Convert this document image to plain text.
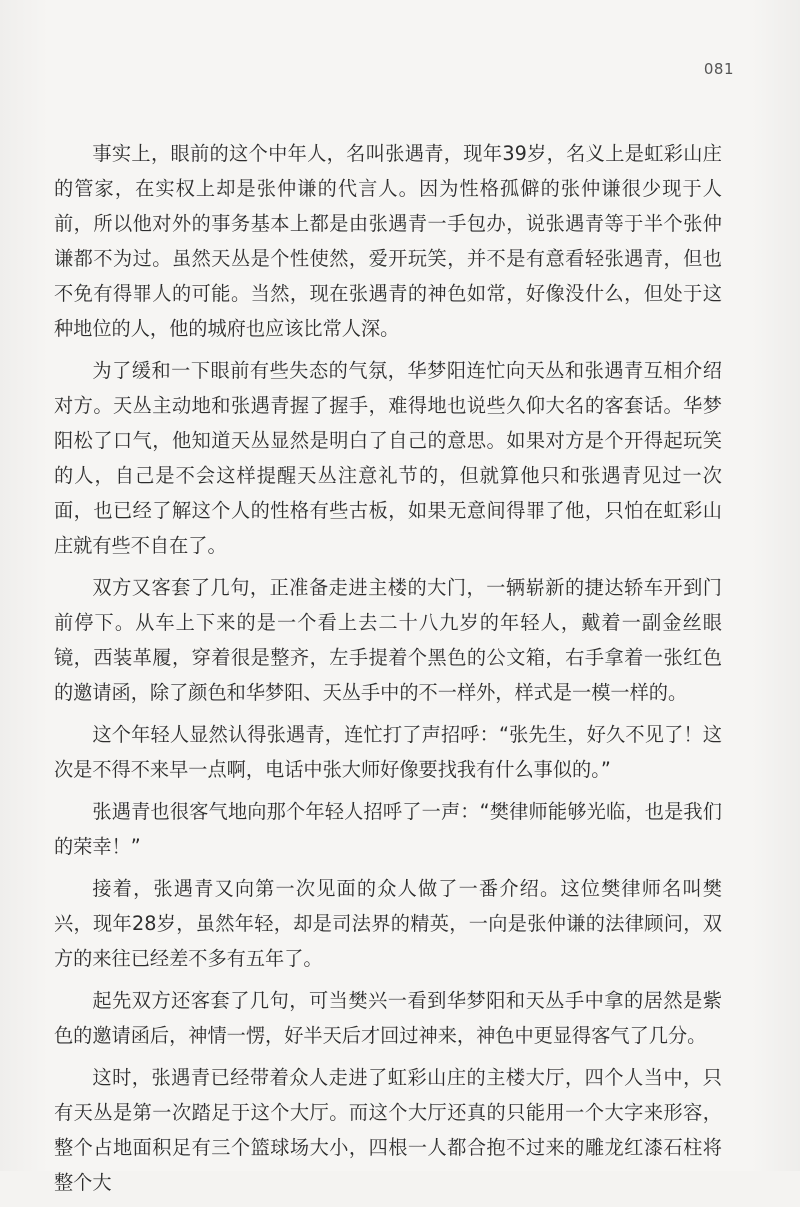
081

事实上，眼前的这个中年人，名叫张遇青，现年39岁，名义上是虹彩山庄的管家，在实权上却是张仲谦的代言人。因为性格孤僻的张仲谦很少现于人前，所以他对外的事务基本上都是由张遇青一手包办，说张遇青等于半个张仲谦都不为过。虽然天丛是个性使然，爱开玩笑，并不是有意看轻张遇青，但也不免有得罪人的可能。当然，现在张遇青的神色如常，好像没什么，但处于这种地位的人，他的城府也应该比常人深。

为了缓和一下眼前有些失态的气氛，华梦阳连忙向天丛和张遇青互相介绍对方。天丛主动地和张遇青握了握手，难得地也说些久仰大名的客套话。华梦阳松了口气，他知道天丛显然是明白了自己的意思。如果对方是个开得起玩笑的人，自己是不会这样提醒天丛注意礼节的，但就算他只和张遇青见过一次面，也已经了解这个人的性格有些古板，如果无意间得罪了他，只怕在虹彩山庄就有些不自在了。

双方又客套了几句，正准备走进主楼的大门，一辆崭新的捷达轿车开到门前停下。从车上下来的是一个看上去二十八九岁的年轻人，戴着一副金丝眼镜，西装革履，穿着很是整齐，左手提着个黑色的公文箱，右手拿着一张红色的邀请函，除了颜色和华梦阳、天丛手中的不一样外，样式是一模一样的。

这个年轻人显然认得张遇青，连忙打了声招呼：“张先生，好久不见了！这次是不得不来早一点啊，电话中张大师好像要找我有什么事似的。”

张遇青也很客气地向那个年轻人招呼了一声：“樊律师能够光临，也是我们的荣幸！”

接着，张遇青又向第一次见面的众人做了一番介绍。这位樊律师名叫樊兴，现年28岁，虽然年轻，却是司法界的精英，一向是张仲谦的法律顾问，双方的来往已经差不多有五年了。

起先双方还客套了几句，可当樊兴一看到华梦阳和天丛手中拿的居然是紫色的邀请函后，神情一愣，好半天后才回过神来，神色中更显得客气了几分。

这时，张遇青已经带着众人走进了虹彩山庄的主楼大厅，四个人当中，只有天丛是第一次踏足于这个大厅。而这个大厅还真的只能用一个大字来形容，整个占地面积足有三个篮球场大小，四根一人都合抱不过来的雕龙红漆石柱将整个大
